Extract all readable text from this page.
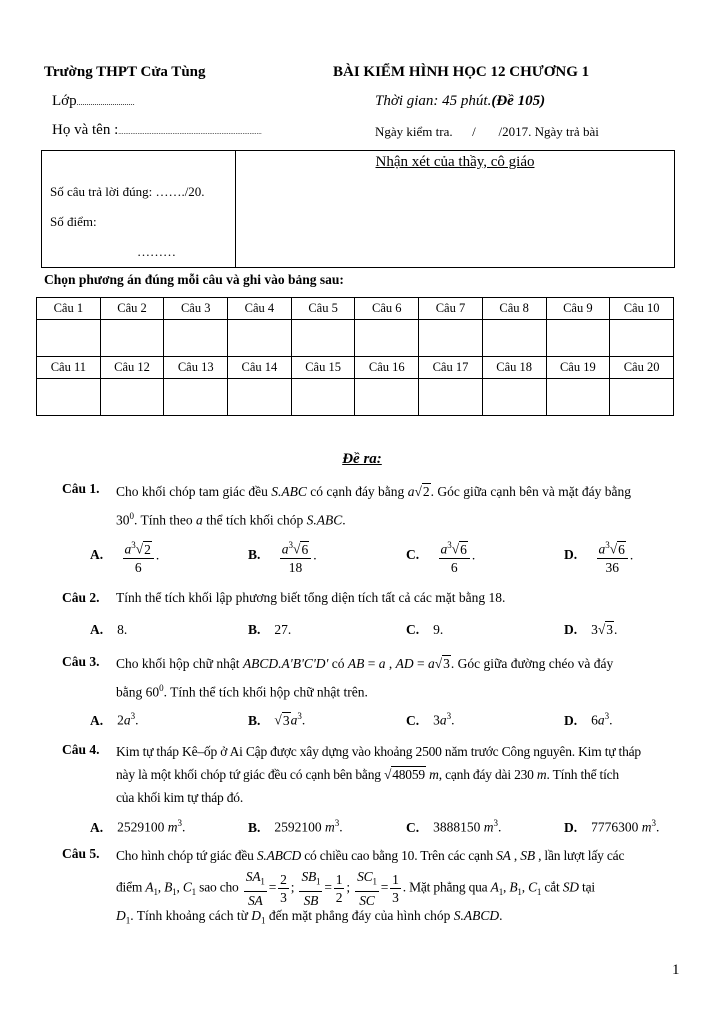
Trường THPT Cửa Tùng	BÀI KIỂM HÌNH HỌC 12 CHƯƠNG 1
Lớp.............................	Thời gian: 45 phút.(Đề 105)
Họ và tên :..................................................................................	Ngày kiểm tra.      /       /2017. Ngày trả bài
Số câu trả lời đúng: ……./20.
Số điểm:
………
Nhận xét của thầy, cô giáo
Chọn phương án đúng mỗi câu và ghi vào bảng sau:
Câu 1	Câu 2	Câu 3	Câu 4	Câu 5	Câu 6	Câu 7	Câu 8	Câu 9	Câu 10

Câu 11	Câu 12	Câu 13	Câu 14	Câu 15	Câu 16	Câu 17	Câu 18	Câu 19	Câu 20

Đề ra:
Câu 1. Cho khối chóp tam giác đều S.ABC có cạnh đáy bằng a√2. Góc giữa cạnh bên và mặt đáy bằng
$30^0$. Tính theo a thể tích khối chóp S.ABC.
A. $\frac{a^3√2}{6}$ .	B. $\frac{a^3√6}{18}$ .	C. $\frac{a^3√6}{6}$ .	D. $\frac{a^3√6}{36}$ .
Câu 2. Tính thể tích khối lập phương biết tổng diện tích tất cả các mặt bằng 18.
A. 8.	B. 27.	C. 9.	D. 3√3.
Câu 3. Cho khối hộp chữ nhật ABCD.A'B'C'D' có AB = a , AD = a√3. Góc giữa đường chéo và đáy
bằng $60^0$. Tính thể tích khối hộp chữ nhật trên.
A. $2a^3$.	B. $√3a^3$.	C. $3a^3$.	D. $6a^3$.
Câu 4. Kim tự tháp Kê–ốp ở Ai Cập được xây dựng vào khoảng 2500 năm trước Công nguyên. Kim tự tháp
này là một khối chóp tứ giác đều có cạnh bên bằng √48059 m, cạnh đáy dài 230 m. Tính thể tích
của khối kim tự tháp đó.
A. 2529100 $m^3$.	B. 2592100 $m^3$.	C. 3888150 $m^3$.	D. 7776300 $m^3$.
Câu 5. Cho hình chóp tứ giác đều S.ABCD có chiều cao bằng 10. Trên các cạnh SA , SB , lần lượt lấy các
điểm $A_1$, $B_1$, $C_1$ sao cho $\frac{SA_1}{SA} = \frac{2}{3}$ ; $\frac{SB_1}{SB} = \frac{1}{2}$ ; $\frac{SC_1}{SC} = \frac{1}{3}$ . Mặt phẳng qua $A_1$, $B_1$, $C_1$ cắt SD tại
$D_1$. Tính khoảng cách từ $D_1$ đến mặt phẳng đáy của hình chóp S.ABCD.
1
